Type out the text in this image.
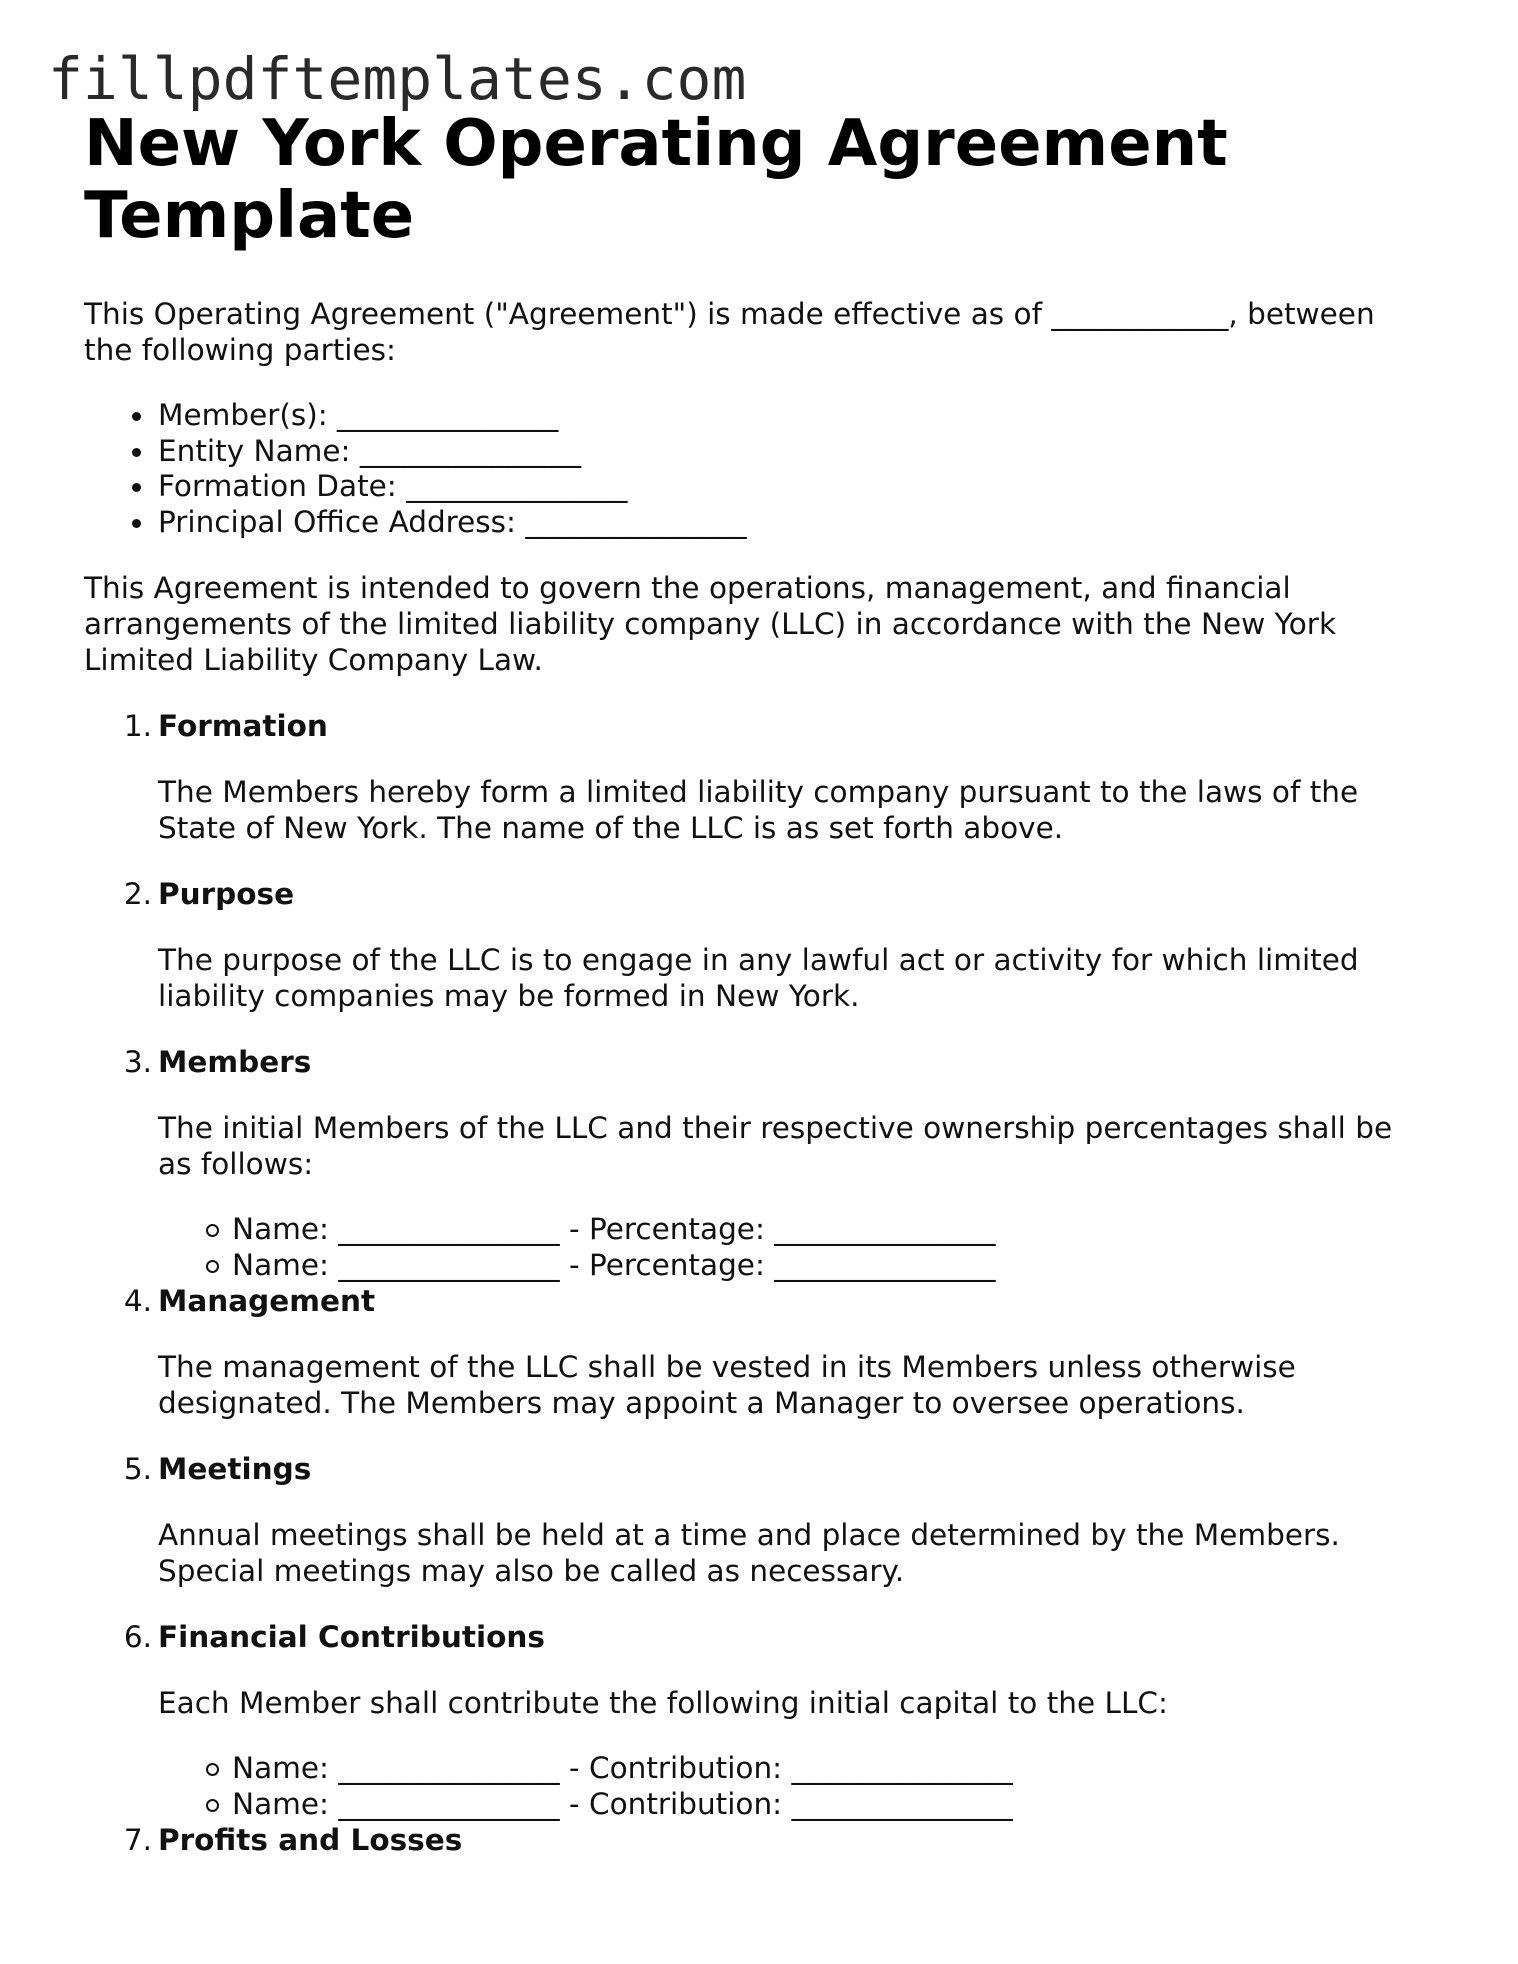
fillpdftemplates.com
New York Operating Agreement Template

This Operating Agreement ("Agreement") is made effective as of ____________, between the following parties:

Member(s): _______________
Entity Name: _______________
Formation Date: _______________
Principal Office Address: _______________

This Agreement is intended to govern the operations, management, and financial arrangements of the limited liability company (LLC) in accordance with the New York Limited Liability Company Law.

1. Formation

The Members hereby form a limited liability company pursuant to the laws of the State of New York. The name of the LLC is as set forth above.

2. Purpose

The purpose of the LLC is to engage in any lawful act or activity for which limited liability companies may be formed in New York.

3. Members

The initial Members of the LLC and their respective ownership percentages shall be as follows:

Name: _______________ - Percentage: _______________
Name: _______________ - Percentage: _______________
4. Management

The management of the LLC shall be vested in its Members unless otherwise designated. The Members may appoint a Manager to oversee operations.

5. Meetings

Annual meetings shall be held at a time and place determined by the Members. Special meetings may also be called as necessary.

6. Financial Contributions

Each Member shall contribute the following initial capital to the LLC:

Name: _______________ - Contribution: _______________
Name: _______________ - Contribution: _______________
7. Profits and Losses
